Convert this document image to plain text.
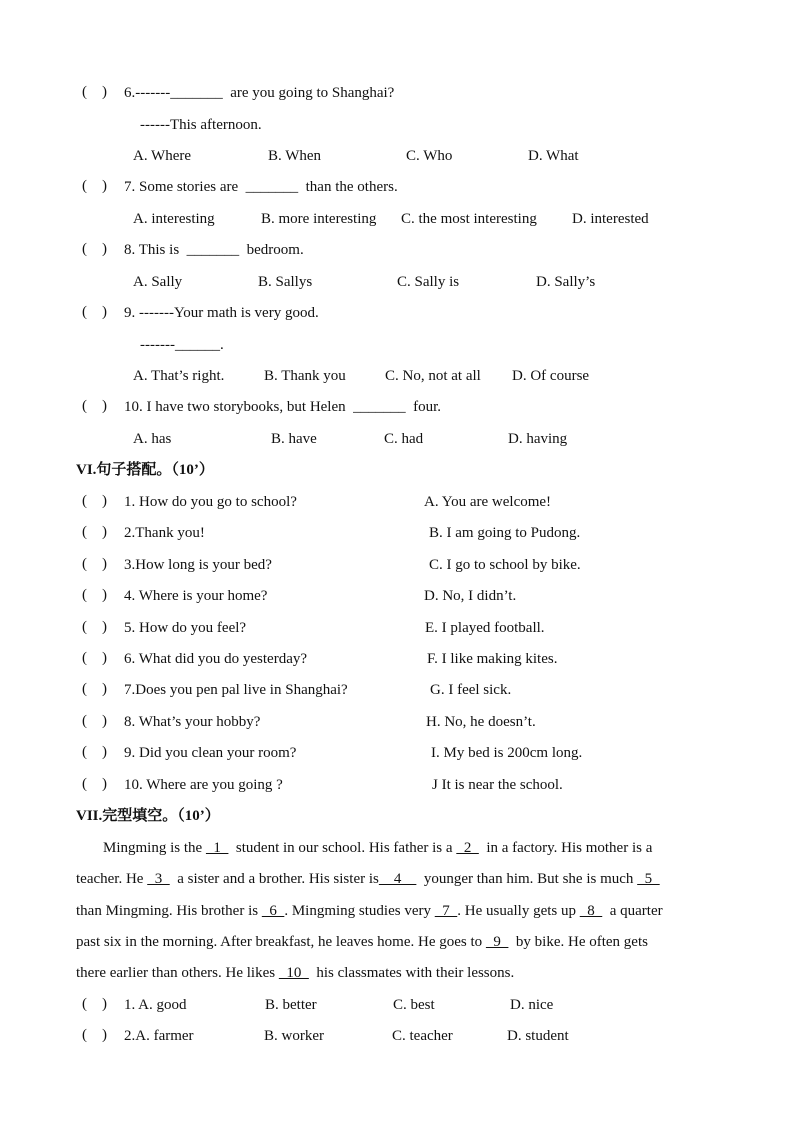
(    ) 6.-------_______  are you going to Shanghai?
------This afternoon.
A. Where	B. When	C. Who	D. What
(    ) 7. Some stories are  _______  than the others.
A. interesting	B. more interesting C. the most interesting D. interested
(    ) 8. This is  _______  bedroom.
A. Sally	B. Sallys	C. Sally is	D. Sally’s
(    ) 9. -------Your math is very good.
-------______.
A. That’s right.	B. Thank you	C. No, not at all D. Of course
(    ) 10. I have two storybooks, but Helen  _______  four.
A. has	B. have	C. had	D. having
VI.句子搭配。（10’）
(    ) 1. How do you go to school?	A. You are welcome!
(    ) 2.Thank you!	B. I am going to Pudong.
(    ) 3.How long is your bed?	C. I go to school by bike.
(    ) 4. Where is your home?	D. No, I didn’t.
(    ) 5. How do you feel?	E. I played football.
(    ) 6. What did you do yesterday?	F. I like making kites.
(    ) 7.Does you pen pal live in Shanghai?	G. I feel sick.
(    ) 8. What’s your hobby?	H. No, he doesn’t.
(    ) 9. Did you clean your room?	I. My bed is 200cm long.
(    ) 10. Where are you going ?	J It is near the school.
VII.完型填空。（10’）
Mingming is the   1    student in our school. His father is a   2    in a factory. His mother is a
teacher. He   3    a sister and a brother. His sister is    4      younger than him. But she is much   5
than Mingming. His brother is   6  . Mingming studies very   7  . He usually gets up   8    a quarter
past six in the morning. After breakfast, he leaves home. He goes to   9    by bike. He often gets
there earlier than others. He likes   10    his classmates with their lessons.
(    ) 1. A. good	B. better	C. best	D. nice
(    ) 2.A. farmer	B. worker	C. teacher	D. student
